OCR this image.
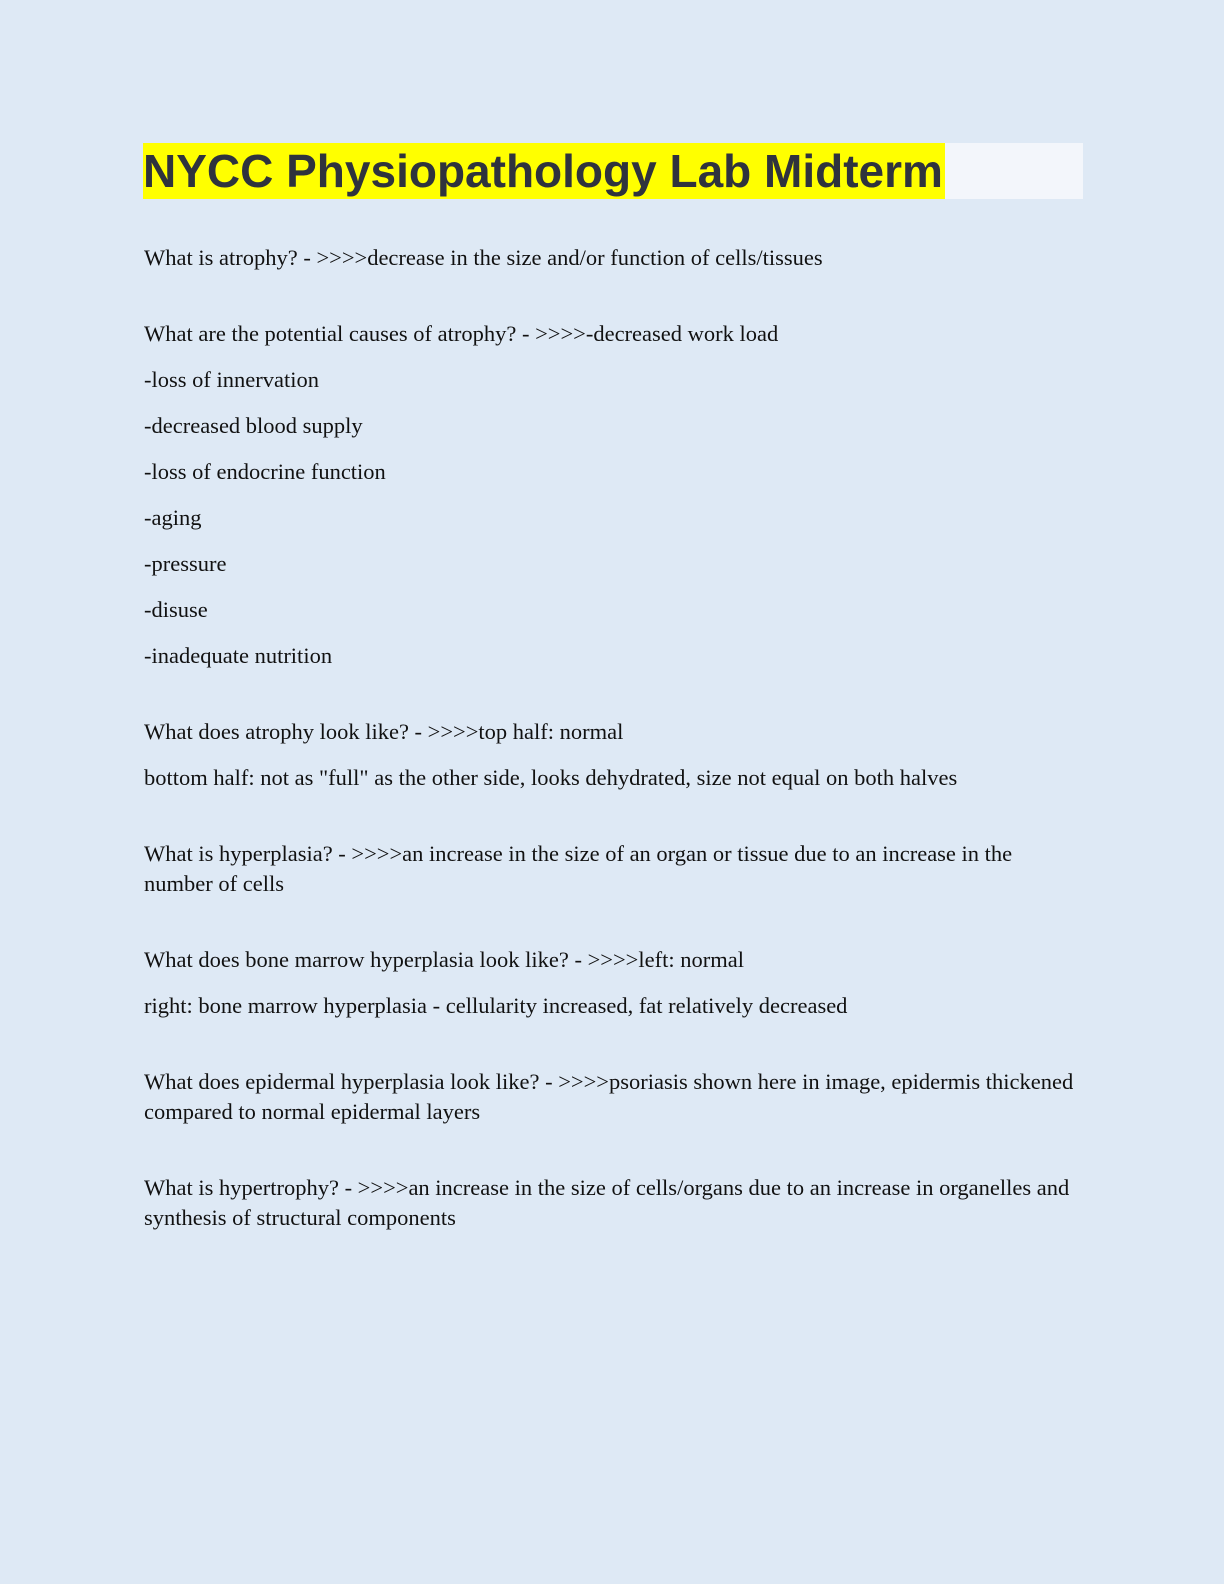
NYCC Physiopathology Lab Midterm
What is atrophy? - >>>>decrease in the size and/or function of cells/tissues
What are the potential causes of atrophy? - >>>>-decreased work load
-loss of innervation
-decreased blood supply
-loss of endocrine function
-aging
-pressure
-disuse
-inadequate nutrition
What does atrophy look like? - >>>>top half: normal
bottom half: not as "full" as the other side, looks dehydrated, size not equal on both halves
What is hyperplasia? - >>>>an increase in the size of an organ or tissue due to an increase in the number of cells
What does bone marrow hyperplasia look like? - >>>>left: normal
right: bone marrow hyperplasia - cellularity increased, fat relatively decreased
What does epidermal hyperplasia look like? - >>>>psoriasis shown here in image, epidermis thickened compared to normal epidermal layers
What is hypertrophy? - >>>>an increase in the size of cells/organs due to an increase in organelles and synthesis of structural components
